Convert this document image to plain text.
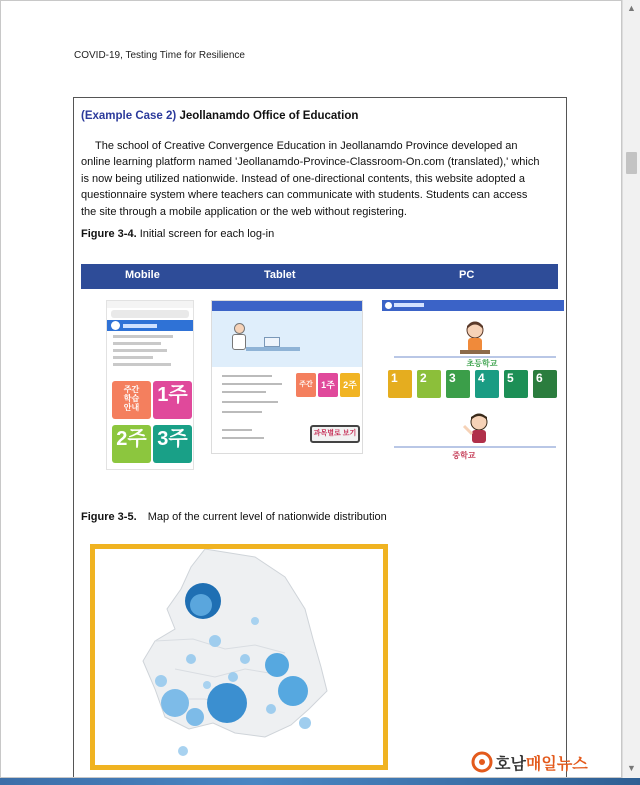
COVID-19, Testing Time for Resilience
(Example Case 2) Jeollanamdo Office of Education
The school of Creative Convergence Education in Jeollanamdo Province developed an
online learning platform named 'Jeollanamdo-Province-Classroom-On.com (translated),' which
is now being utilized nationwide. Instead of one-directional contents, this website adopted a
questionnaire system where teachers can communicate with students. Students can access
the site through a mobile application or the web without registering.
Figure 3-4. Initial screen for each log-in
Mobile	Tablet	PC
주간
학습
안내
1주
2주 3주
주간 1주 2주
과목별로 보기
초등학교
1	2	3	4	5	6
중학교
Figure 3-5. Map of the current level of nationwide distribution
호남 매일뉴스
▲
▼
